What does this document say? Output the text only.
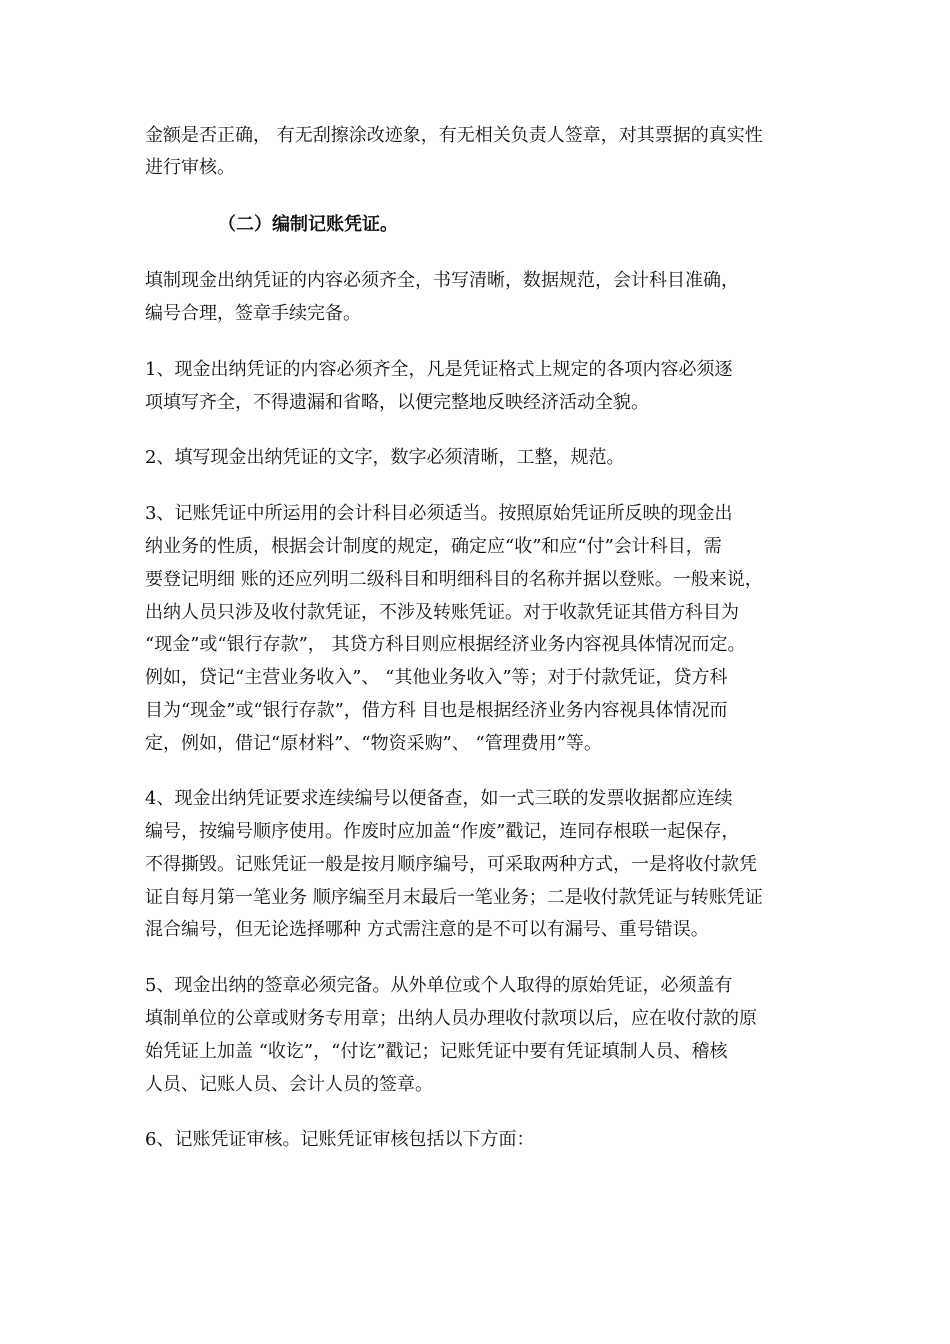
金额是否正确， 有无刮擦涂改迹象，有无相关负责人签章，对其票据的真实性
进行审核。
（二）编制记账凭证。
填制现金出纳凭证的内容必须齐全，书写清晰，数据规范，会计科目准确，
编号合理，签章手续完备。
1、现金出纳凭证的内容必须齐全，凡是凭证格式上规定的各项内容必须逐
项填写齐全，不得遗漏和省略，以便完整地反映经济活动全貌。
2、填写现金出纳凭证的文字，数字必须清晰，工整，规范。
3、记账凭证中所运用的会计科目必须适当。按照原始凭证所反映的现金出
纳业务的性质，根据会计制度的规定，确定应“收”和应“付”会计科目，需
要登记明细 账的还应列明二级科目和明细科目的名称并据以登账。一般来说，
出纳人员只涉及收付款凭证，不涉及转账凭证。对于收款凭证其借方科目为
“现金”或“银行存款”， 其贷方科目则应根据经济业务内容视具体情况而定。
例如，贷记“主营业务收入”、 “其他业务收入”等；对于付款凭证，贷方科
目为“现金”或“银行存款”，借方科 目也是根据经济业务内容视具体情况而
定，例如，借记“原材料”、“物资采购”、 “管理费用”等。
4、现金出纳凭证要求连续编号以便备查，如一式三联的发票收据都应连续
编号，按编号顺序使用。作废时应加盖“作废”戳记，连同存根联一起保存，
不得撕毁。记账凭证一般是按月顺序编号，可采取两种方式，一是将收付款凭
证自每月第一笔业务 顺序编至月末最后一笔业务；二是收付款凭证与转账凭证
混合编号，但无论选择哪种 方式需注意的是不可以有漏号、重号错误。
5、现金出纳的签章必须完备。从外单位或个人取得的原始凭证，必须盖有
填制单位的公章或财务专用章；出纳人员办理收付款项以后，应在收付款的原
始凭证上加盖 “收讫”，“付讫”戳记；记账凭证中要有凭证填制人员、稽核
人员、记账人员、会计人员的签章。
6、记账凭证审核。记账凭证审核包括以下方面：
